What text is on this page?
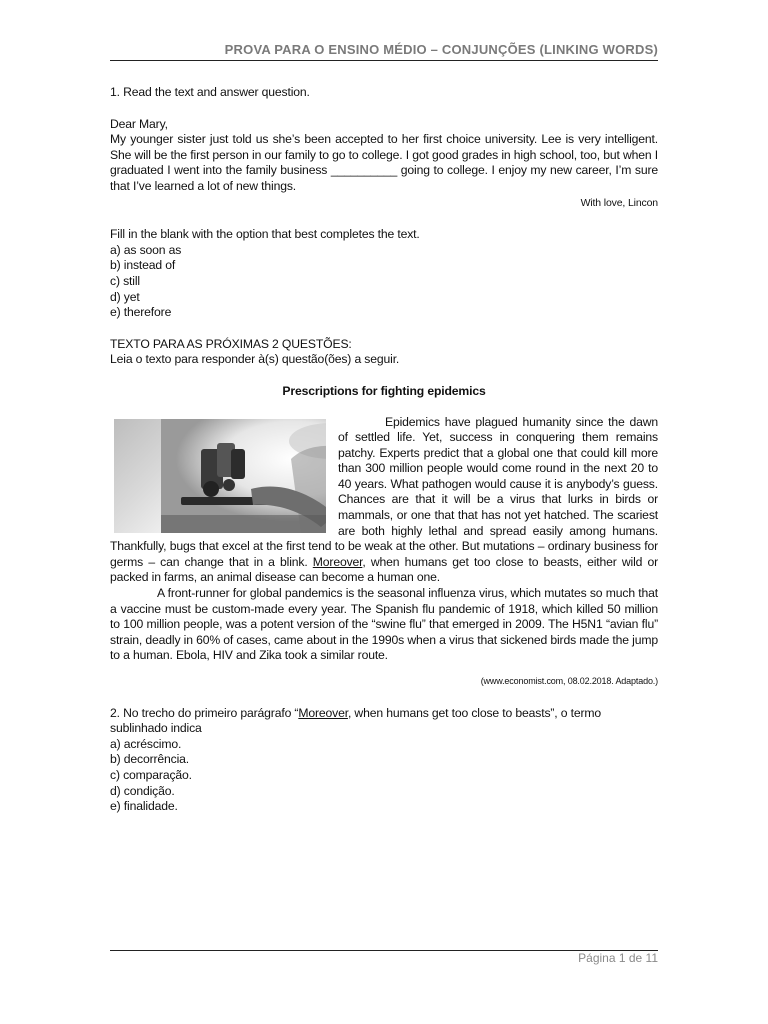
PROVA PARA O ENSINO MÉDIO – CONJUNÇÕES (LINKING WORDS)

1. Read the text and answer question.

Dear Mary,

My younger sister just told us she’s been accepted to her first choice university. Lee is very intelligent. She will be the first person in our family to go to college. I got good grades in high school, too, but when I graduated I went into the family business __________ going to college. I enjoy my new career, I’m sure that I’ve learned a lot of new things.

With love, Lincon

Fill in the blank with the option that best completes the text.

a) as soon as

b) instead of

c) still

d) yet

e) therefore

TEXTO PARA AS PRÓXIMAS 2 QUESTÕES:

Leia o texto para responder à(s) questão(ões) a seguir.

Prescriptions for fighting epidemics

Epidemics have plagued humanity since the dawn of settled life. Yet, success in conquering them remains patchy. Experts predict that a global one that could kill more than 300 million people would come round in the next 20 to 40 years. What pathogen would cause it is anybody’s guess. Chances are that it will be a virus that lurks in birds or mammals, or one that that has not yet hatched. The scariest are both highly lethal and spread easily among humans. Thankfully, bugs that excel at the first tend to be weak at the other. But mutations – ordinary business for germs – can change that in a blink. Moreover, when humans get too close to beasts, either wild or packed in farms, an animal disease can become a human one.

A front-runner for global pandemics is the seasonal influenza virus, which mutates so much that a vaccine must be custom-made every year. The Spanish flu pandemic of 1918, which killed 50 million to 100 million people, was a potent version of the “swine flu” that emerged in 2009. The H5N1 “avian flu” strain, deadly in 60% of cases, came about in the 1990s when a virus that sickened birds made the jump to a human. Ebola, HIV and Zika took a similar route.

(www.economist.com, 08.02.2018. Adaptado.)

2. No trecho do primeiro parágrafo “Moreover, when humans get too close to beasts”, o termo sublinhado indica

a) acréscimo.

b) decorrência.

c) comparação.

d) condição.

e) finalidade.

Página 1 de 11
